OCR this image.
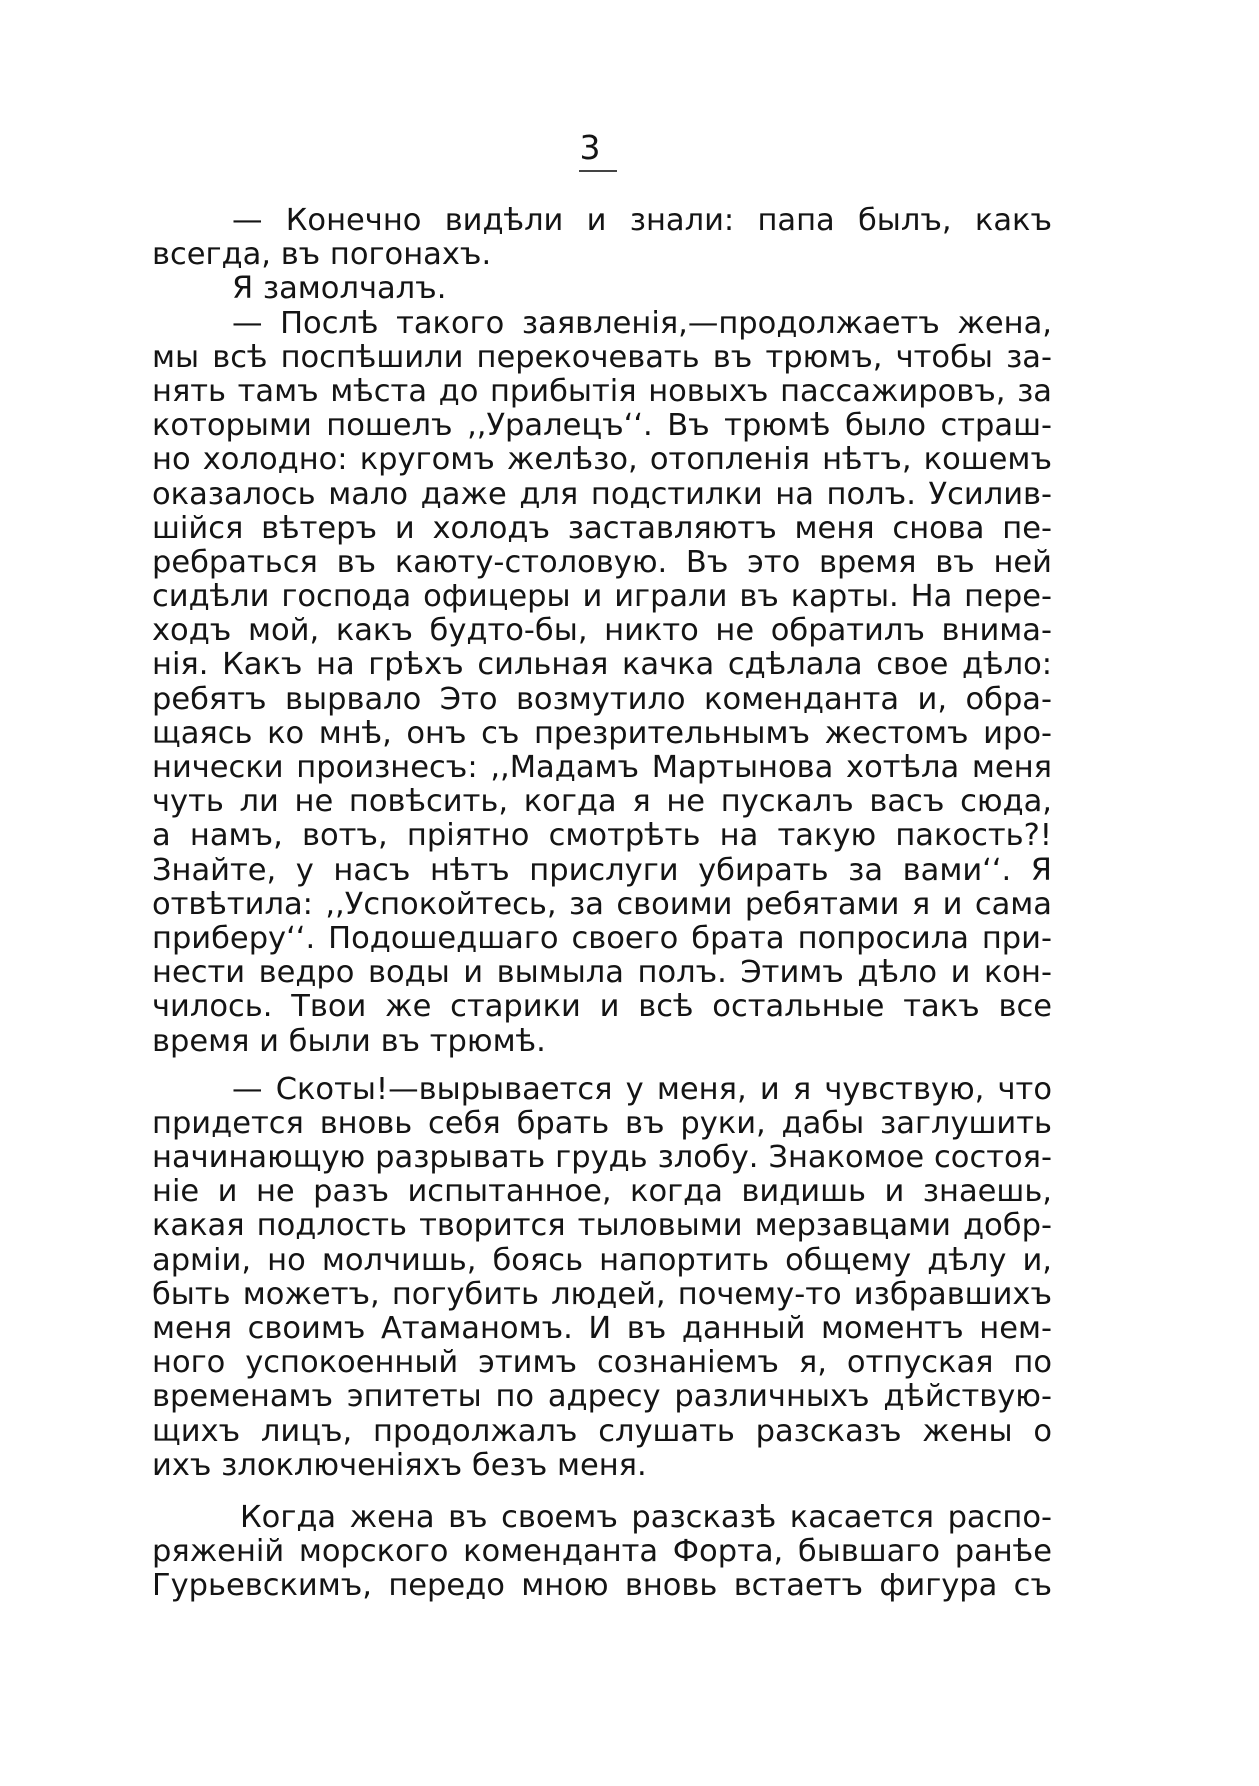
3
— Конечно видѣли и знали: папа былъ, какъ
всегда, въ погонахъ.
Я замолчалъ.
— Послѣ такого заявленія,—продолжаетъ жена,
мы всѣ поспѣшили перекочевать въ трюмъ, чтобы за-
нять тамъ мѣста до прибытія новыхъ пассажировъ, за
которыми пошелъ ,,Уралецъ‘‘. Въ трюмѣ было страш-
но холодно: кругомъ желѣзо, отопленія нѣтъ, кошемъ
оказалось мало даже для подстилки на полъ. Усилив-
шійся вѣтеръ и холодъ заставляютъ меня снова пе-
ребраться въ каюту-столовую. Въ это время въ ней
сидѣли господа офицеры и играли въ карты. На пере-
ходъ мой, какъ будто-бы, никто не обратилъ внима-
нія. Какъ на грѣхъ сильная качка сдѣлала свое дѣло:
ребятъ вырвало Это возмутило коменданта и, обра-
щаясь ко мнѣ, онъ съ презрительнымъ жестомъ иро-
нически произнесъ: ,,Мадамъ Мартынова хотѣла меня
чуть ли не повѣсить, когда я не пускалъ васъ сюда,
а намъ, вотъ, пріятно смотрѣть на такую пакость?!
Знайте, у насъ нѣтъ прислуги убирать за вами‘‘. Я
отвѣтила: ,,Успокойтесь, за своими ребятами я и сама
приберу‘‘. Подошедшаго своего брата попросила при-
нести ведро воды и вымыла полъ. Этимъ дѣло и кон-
чилось. Твои же старики и всѣ остальные такъ все
время и были въ трюмѣ.
— Скоты!—вырывается у меня, и я чувствую, что
придется вновь себя брать въ руки, дабы заглушить
начинающую разрывать грудь злобу. Знакомое состоя-
ніе и не разъ испытанное, когда видишь и знаешь,
какая подлость творится тыловыми мерзавцами добр-
арміи, но молчишь, боясь напортить общему дѣлу и,
быть можетъ, погубить людей, почему-то избравшихъ
меня своимъ Атаманомъ. И въ данный моментъ нем-
ного успокоенный этимъ сознаніемъ я, отпуская по
временамъ эпитеты по адресу различныхъ дѣйствую-
щихъ лицъ, продолжалъ слушать разсказъ жены о
ихъ злоключеніяхъ безъ меня.
Когда жена въ своемъ разсказѣ касается распо-
ряженій морского коменданта Форта, бывшаго ранѣе
Гурьевскимъ, передо мною вновь встаетъ фигура съ
